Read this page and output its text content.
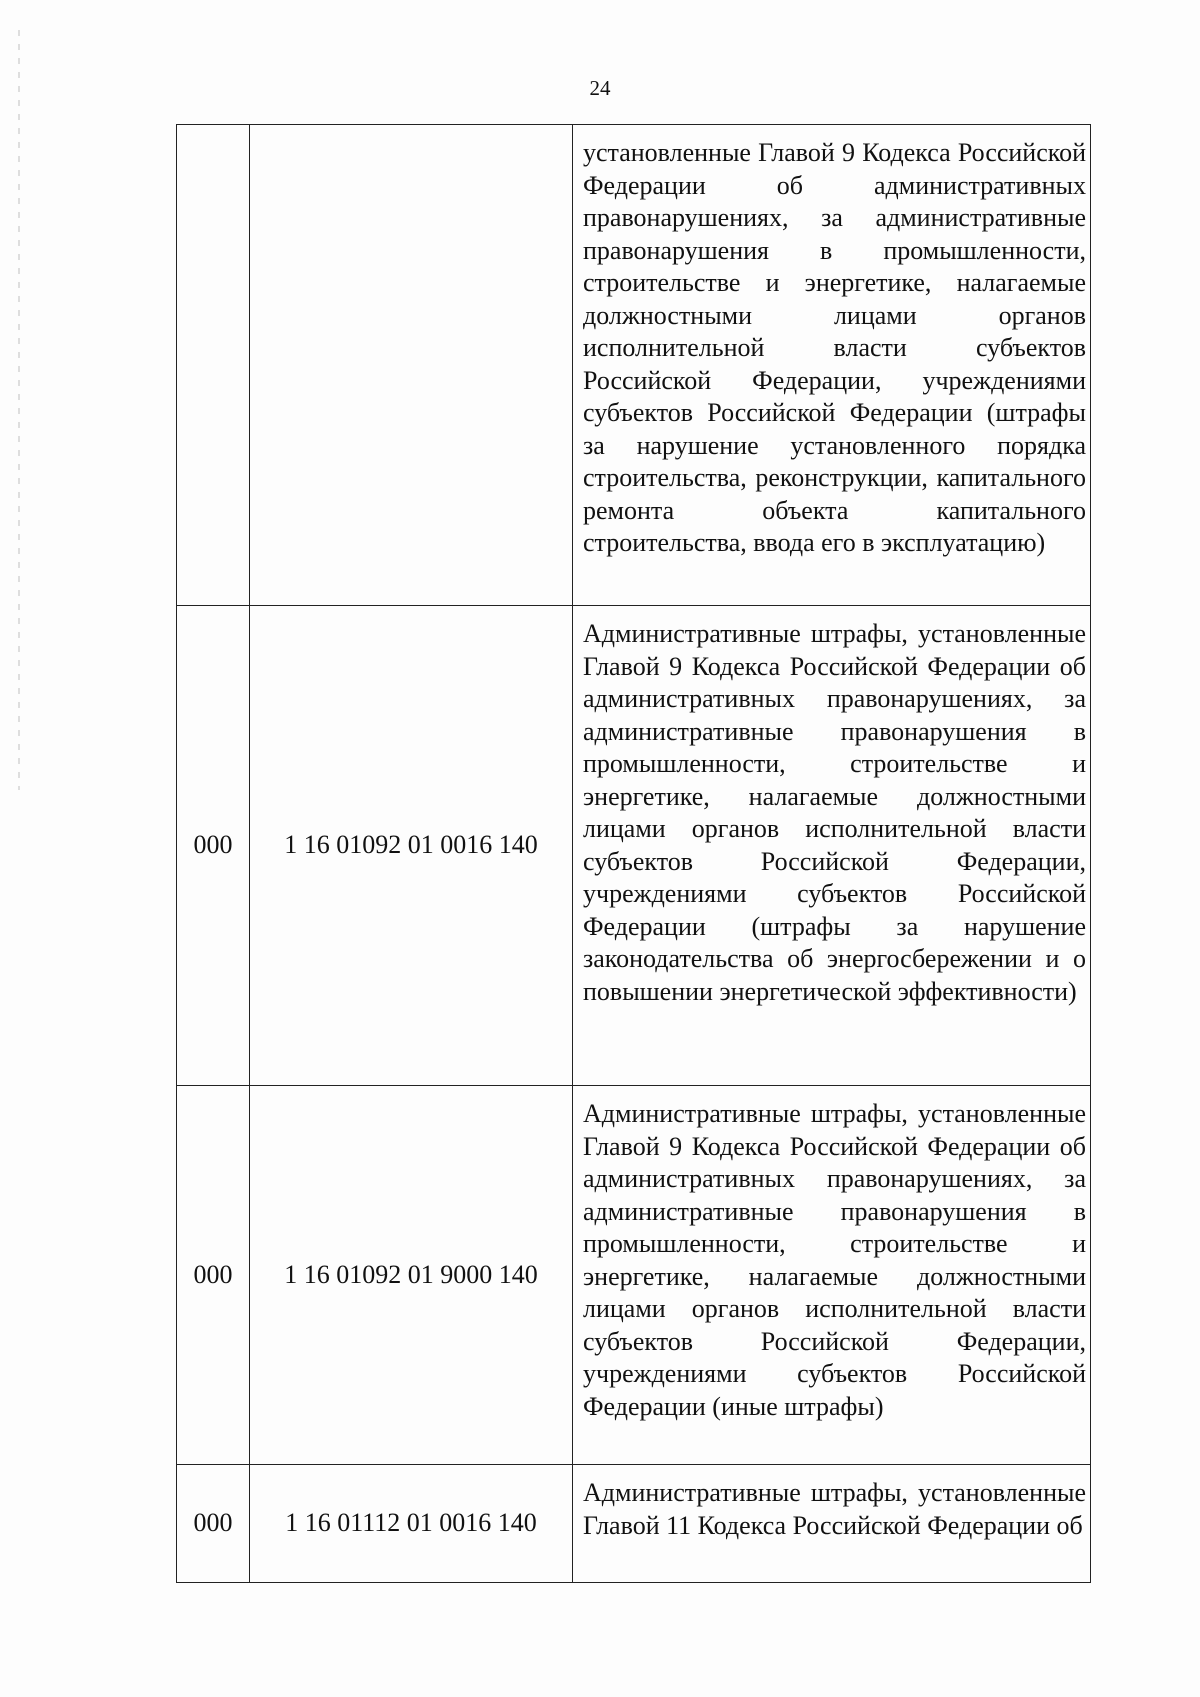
24

		установленные Главой 9 Кодекса Российской Федерации об административных правонарушениях, за административные правонарушения в промышленности, строительстве и энергетике, налагаемые должностными лицами органов исполнительной власти субъектов Российской Федерации, учреждениями субъектов Российской Федерации (штрафы за нарушение установленного порядка строительства, реконструкции, капитального ремонта объекта капитального строительства, ввода его в эксплуатацию)

000	1 16 01092 01 0016 140	Административные штрафы, установленные Главой 9 Кодекса Российской Федерации об административных правонарушениях, за административные правонарушения в промышленности, строительстве и энергетике, налагаемые должностными лицами органов исполнительной власти субъектов Российской Федерации, учреждениями субъектов Российской Федерации (штрафы за нарушение законодательства об энергосбережении и о повышении энергетической эффективности)

000	1 16 01092 01 9000 140	Административные штрафы, установленные Главой 9 Кодекса Российской Федерации об административных правонарушениях, за административные правонарушения в промышленности, строительстве и энергетике, налагаемые должностными лицами органов исполнительной власти субъектов Российской Федерации, учреждениями субъектов Российской Федерации (иные штрафы)

000	1 16 01112 01 0016 140	Административные штрафы, установленные Главой 11 Кодекса Российской Федерации об
